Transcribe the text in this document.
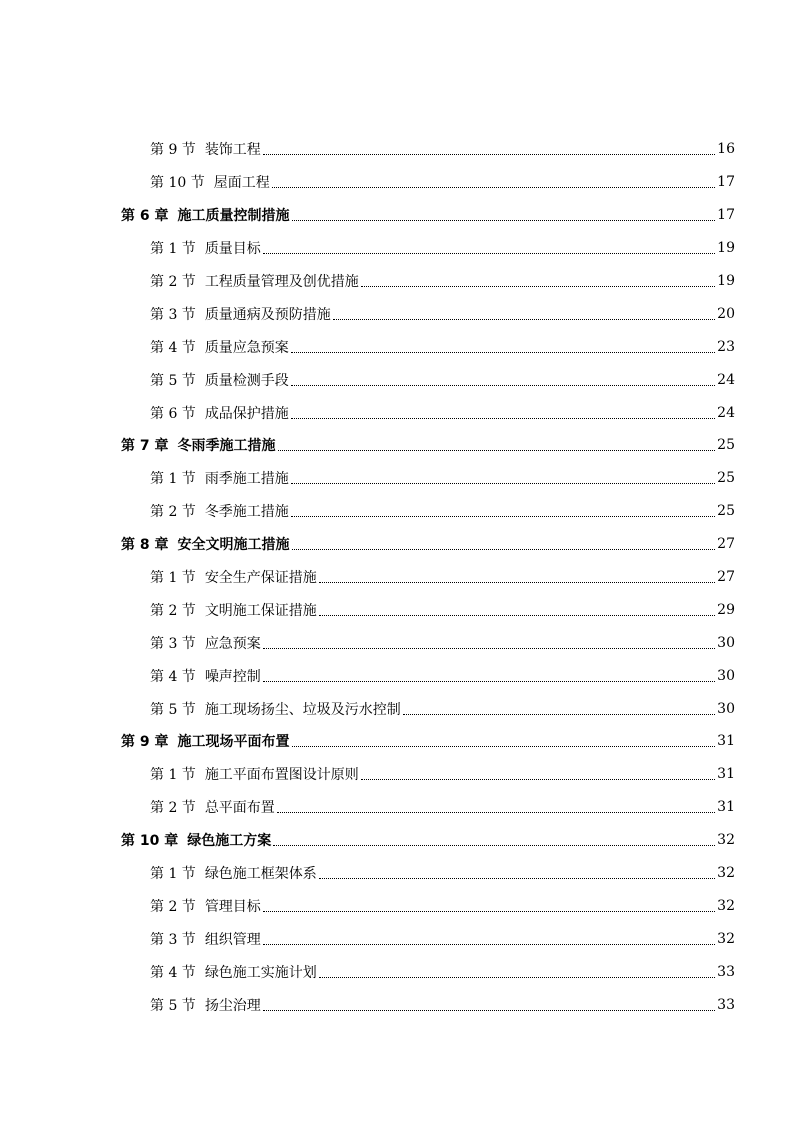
第 9 节 装饰工程	16
第 10 节 屋面工程	17
第 6 章 施工质量控制措施	17
第 1 节 质量目标	19
第 2 节 工程质量管理及创优措施	19
第 3 节 质量通病及预防措施	20
第 4 节 质量应急预案	23
第 5 节 质量检测手段	24
第 6 节 成品保护措施	24
第 7 章 冬雨季施工措施	25
第 1 节 雨季施工措施	25
第 2 节 冬季施工措施	25
第 8 章 安全文明施工措施	27
第 1 节 安全生产保证措施	27
第 2 节 文明施工保证措施	29
第 3 节 应急预案	30
第 4 节 噪声控制	30
第 5 节 施工现场扬尘、垃圾及污水控制	30
第 9 章 施工现场平面布置	31
第 1 节 施工平面布置图设计原则	31
第 2 节 总平面布置	31
第 10 章 绿色施工方案	32
第 1 节 绿色施工框架体系	32
第 2 节 管理目标	32
第 3 节 组织管理	32
第 4 节 绿色施工实施计划	33
第 5 节 扬尘治理	33
